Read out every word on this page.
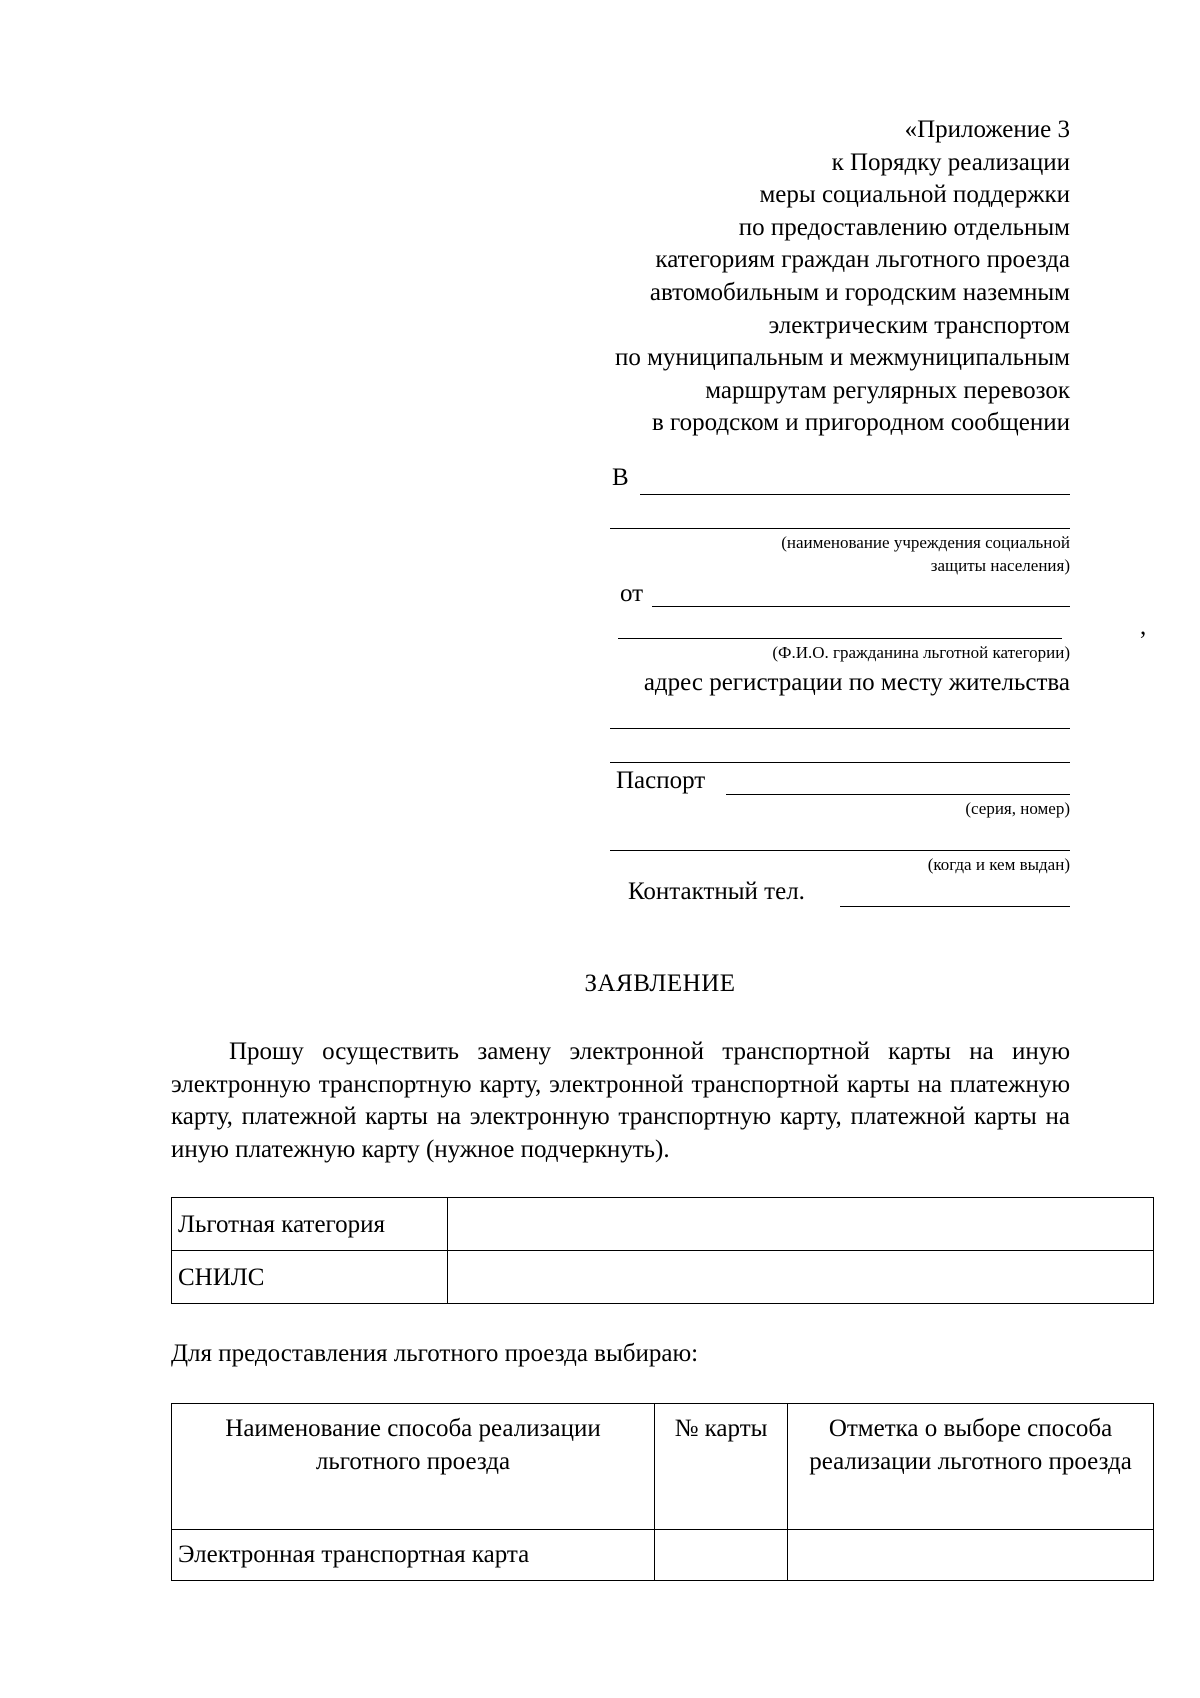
«Приложение 3
к Порядку реализации
меры социальной поддержки
по предоставлению отдельным
категориям граждан льготного проезда
автомобильным и городским наземным
электрическим транспортом
по муниципальным и межмуниципальным
маршрутам регулярных перевозок
в городском и пригородном сообщении
В
(наименование учреждения социальной
защиты населения)
от
,
(Ф.И.О. гражданина льготной категории)
адрес регистрации по месту жительства
Паспорт
(серия, номер)
(когда и кем выдан)
Контактный тел.
ЗАЯВЛЕНИЕ

Прошу осуществить замену электронной транспортной карты на иную электронную транспортную карту, электронной транспортной карты на платежную карту, платежной карты на электронную транспортную карту, платежной карты на иную платежную карту (нужное подчеркнуть).

Льготная категория	
СНИЛС	
Для предоставления льготного проезда выбираю:
Наименование способа реализации льготного проезда	№ карты	Отметка о выборе способа реализации льготного проезда
Электронная транспортная карта		
